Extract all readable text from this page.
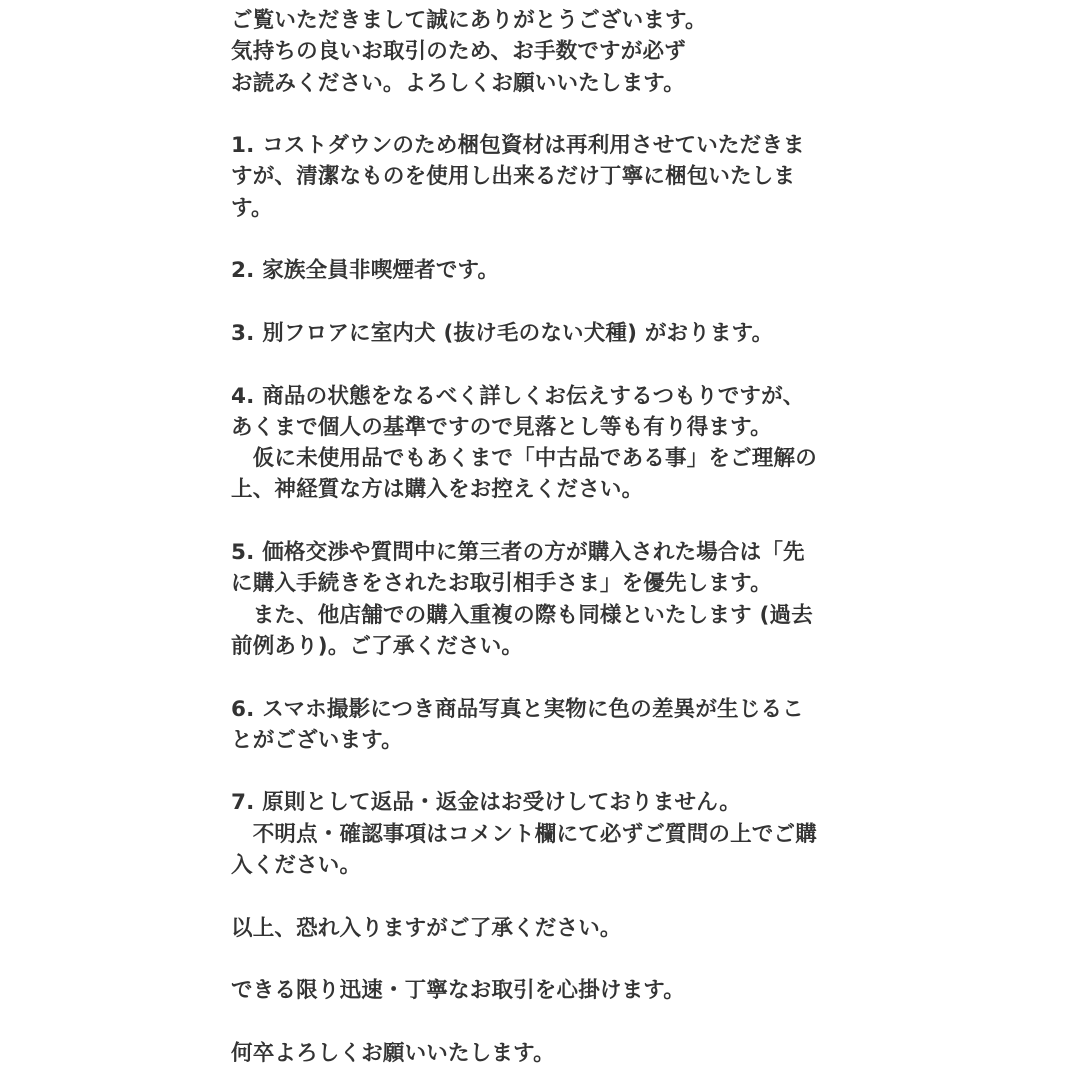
ご覧いただきまして誠にありがとうございます。
気持ちの良いお取引のため、お手数ですが必ず
お読みください。よろしくお願いいたします。
1. コストダウンのため梱包資材は再利用させていただきま
すが、清潔なものを使用し出来るだけ丁寧に梱包いたしま
す。
2. 家族全員非喫煙者です。
3. 別フロアに室内犬 (抜け毛のない犬種) がおります。
4. 商品の状態をなるべく詳しくお伝えするつもりですが、
あくまで個人の基準ですので見落とし等も有り得ます。
　仮に未使用品でもあくまで「中古品である事」をご理解の
上、神経質な方は購入をお控えください。
5. 価格交渉や質問中に第三者の方が購入された場合は「先
に購入手続きをされたお取引相手さま」を優先します。
　また、他店舗での購入重複の際も同様といたします (過去
前例あり)。ご了承ください。
6. スマホ撮影につき商品写真と実物に色の差異が生じるこ
とがございます。
7. 原則として返品・返金はお受けしておりません。
　不明点・確認事項はコメント欄にて必ずご質問の上でご購
入ください。
以上、恐れ入りますがご了承ください。
できる限り迅速・丁寧なお取引を心掛けます。
何卒よろしくお願いいたします。
